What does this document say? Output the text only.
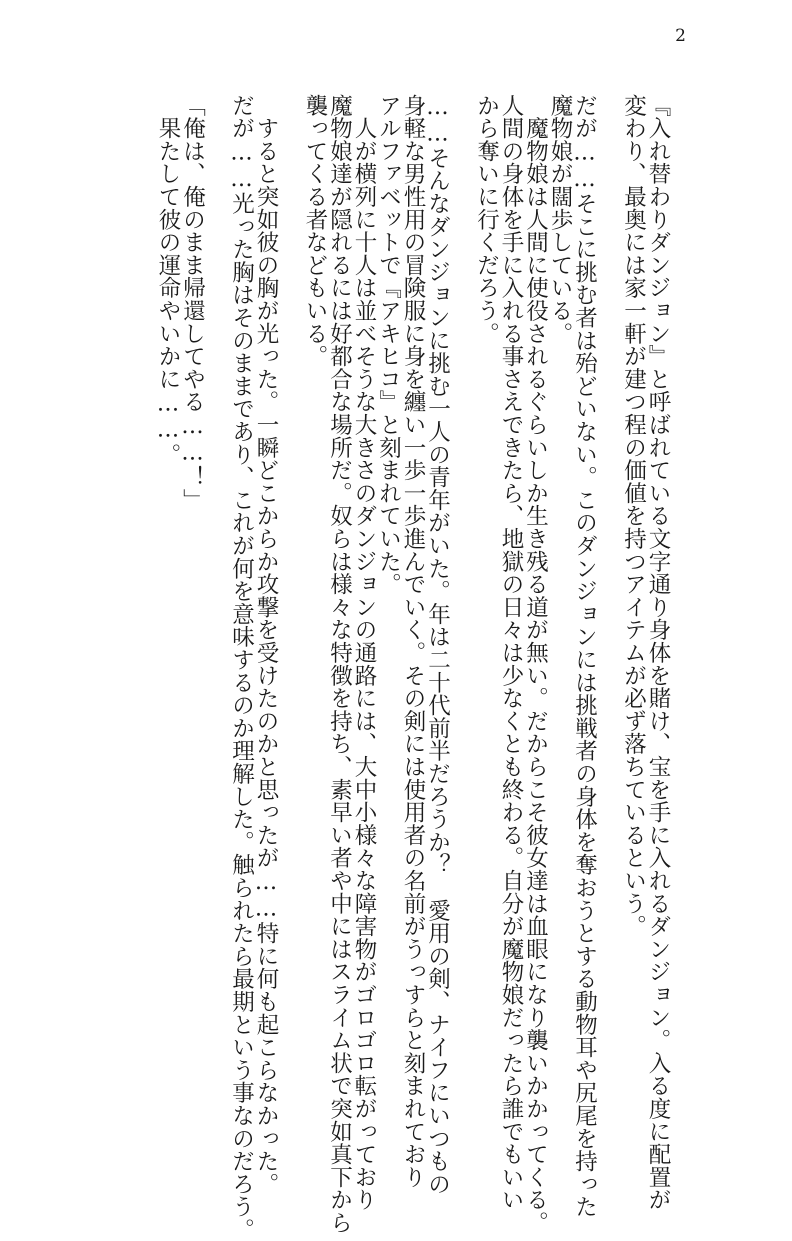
2
『入れ替わりダンジョン』と呼ばれている文字通り身体を賭け、宝を手に入れるダンジョン。入る度に配置が
変わり、最奥には家一軒が建つ程の価値を持つアイテムが必ず落ちているという。
だが……そこに挑む者は殆どいない。このダンジョンには挑戦者の身体を奪おうとする動物耳や尻尾を持った
魔物娘が闊歩している。
　魔物娘は人間に使役されるぐらいしか生き残る道が無い。だからこそ彼女達は血眼になり襲いかかってくる。
人間の身体を手に入れる事さえできたら、地獄の日々は少なくとも終わる。自分が魔物娘だったら誰でもいい
から奪いに行くだろう。
……そんなダンジョンに挑む一人の青年がいた。年は二十代前半だろうか？　愛用の剣、ナイフにいつもの
身軽な男性用の冒険服に身を纏い一歩一歩進んでいく。その剣には使用者の名前がうっすらと刻まれており
アルファベットで『アキヒコ』と刻まれていた。
　人が横列に十人は並べそうな大きさのダンジョンの通路には、大中小様々な障害物がゴロゴロ転がっており
魔物娘達が隠れるには好都合な場所だ。奴らは様々な特徴を持ち、素早い者や中にはスライム状で突如真下から
襲ってくる者などもいる。
　すると突如彼の胸が光った。一瞬どこからか攻撃を受けたのかと思ったが……特に何も起こらなかった。
だが……光った胸はそのままであり、これが何を意味するのか理解した。触られたら最期という事なのだろう。
「俺は、俺のまま帰還してやる……！」
　果たして彼の運命やいかに……。
